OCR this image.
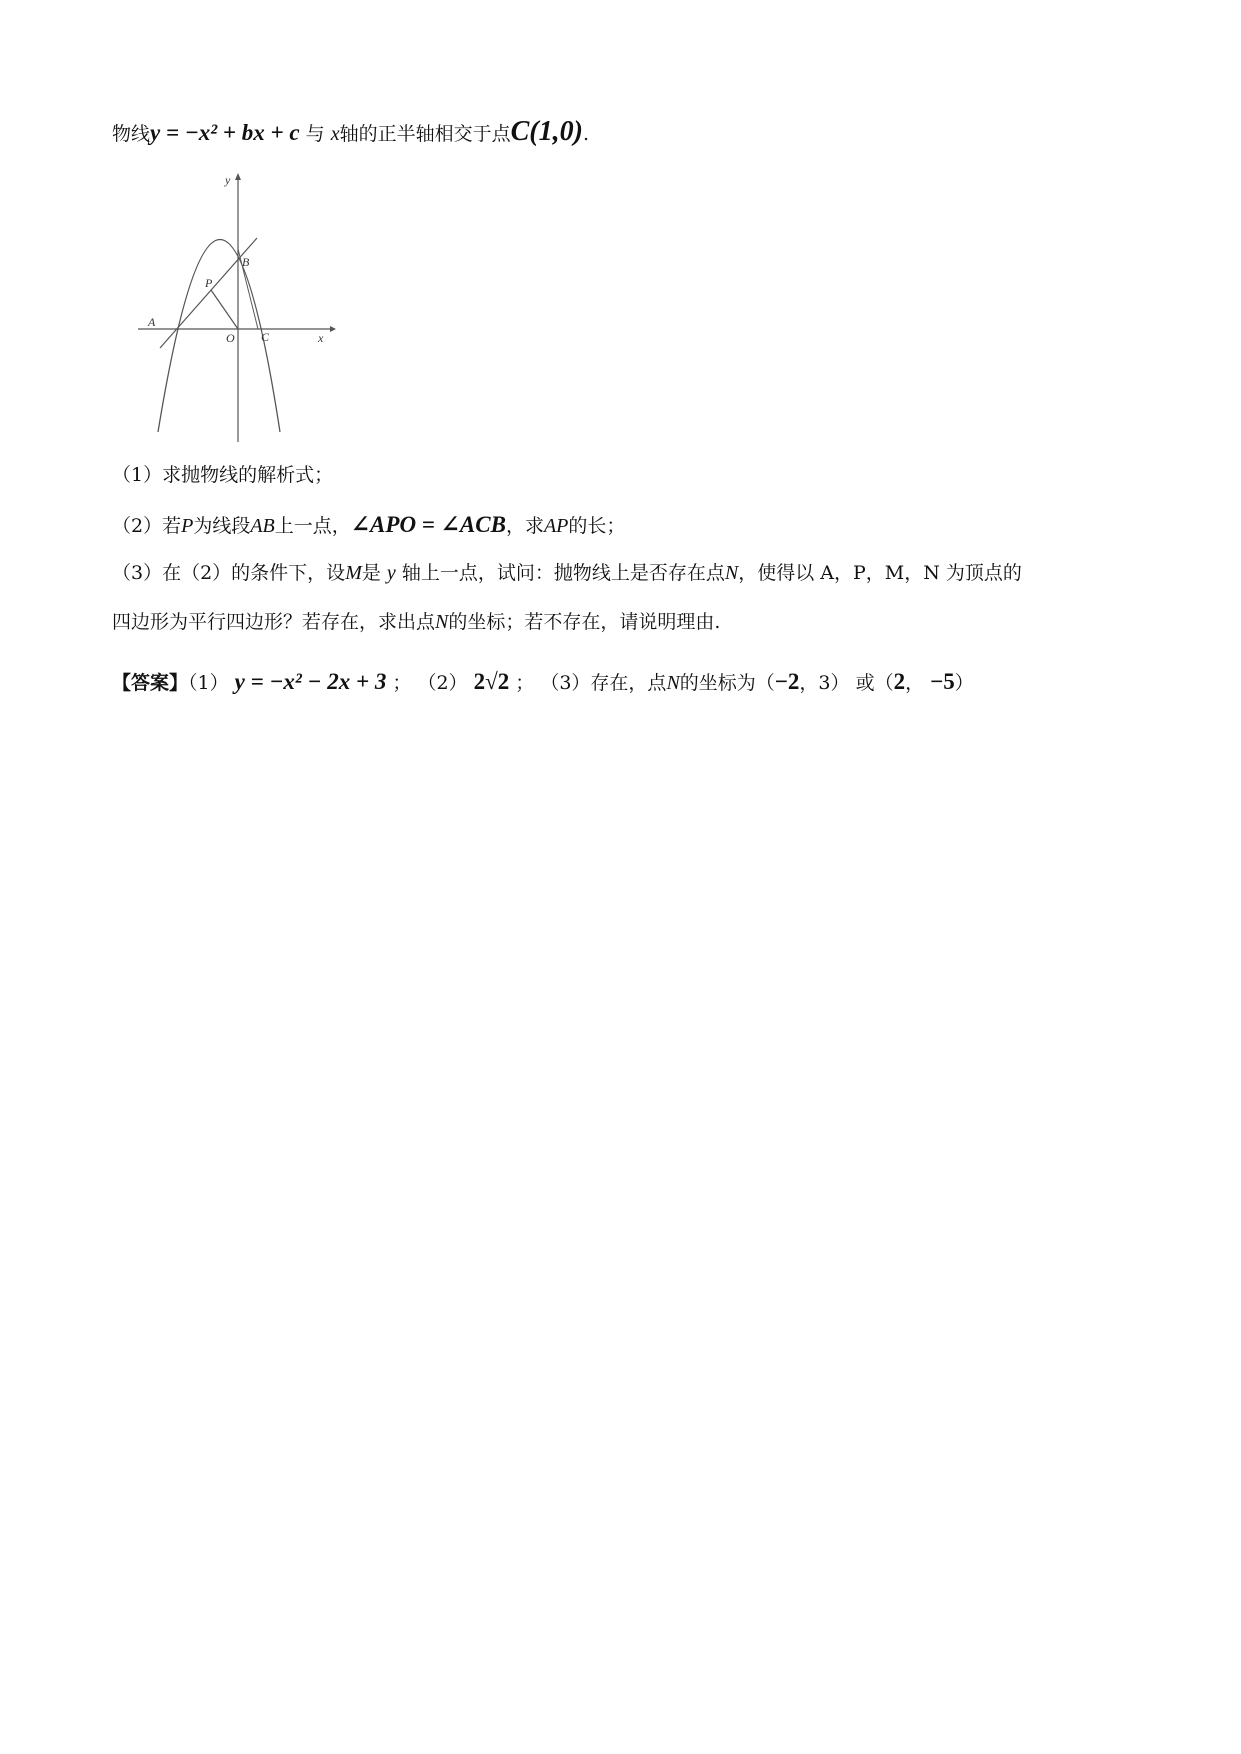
物线y = −x² + bx + c 与 x轴的正半轴相交于点C(1,0).
y
x
A
B
C
O
P
（1）求抛物线的解析式；
（2）若P为线段AB上一点，∠APO = ∠ACB，求AP的长；
（3）在（2）的条件下，设M是 y 轴上一点，试问：抛物线上是否存在点N，使得以 A，P，M，N 为顶点的
四边形为平行四边形？若存在，求出点N的坐标；若不存在，请说明理由.
【答案】（1） y = −x² − 2x + 3 ； （2） 2√2 ； （3）存在，点N的坐标为（−2，3） 或（2， −5）
